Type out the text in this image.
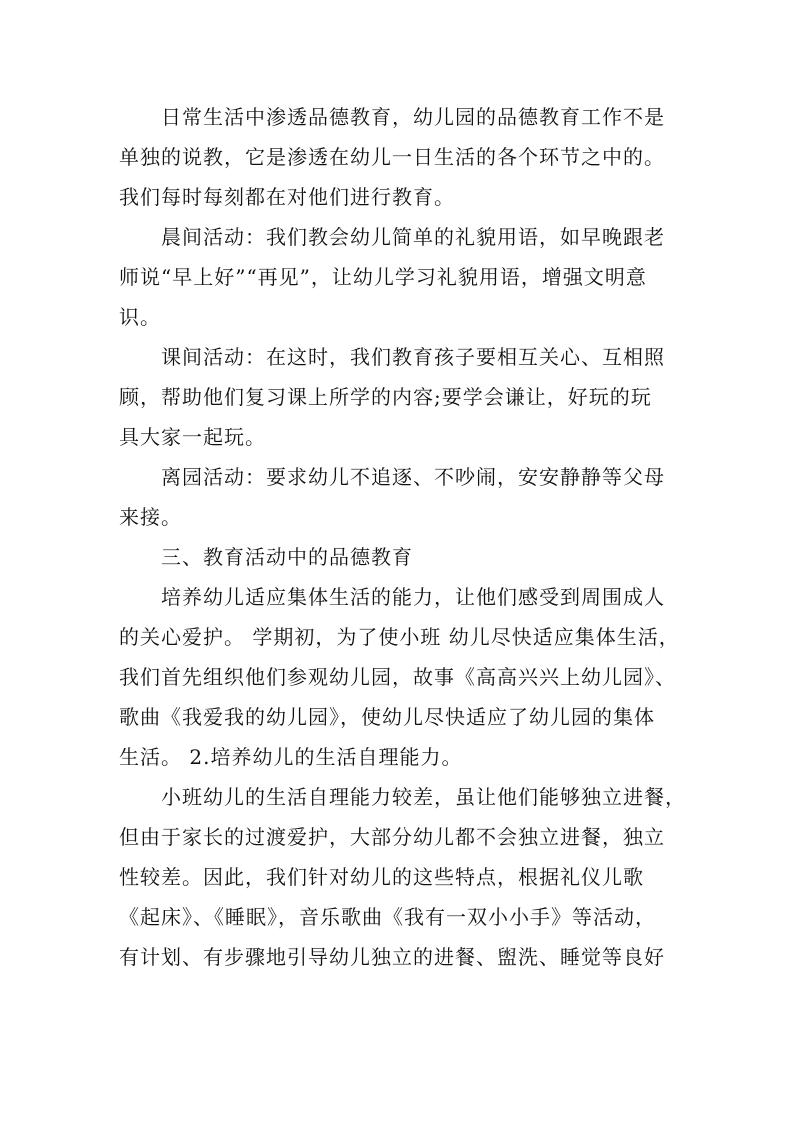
日常生活中渗透品德教育，幼儿园的品德教育工作不是
单独的说教，它是渗透在幼儿一日生活的各个环节之中的。
我们每时每刻都在对他们进行教育。
晨间活动：我们教会幼儿简单的礼貌用语，如早晚跟老
师说“早上好”“再见”，让幼儿学习礼貌用语，增强文明意
识。
课间活动：在这时，我们教育孩子要相互关心、互相照
顾，帮助他们复习课上所学的内容;要学会谦让，好玩的玩
具大家一起玩。
离园活动：要求幼儿不追逐、不吵闹，安安静静等父母
来接。
三、教育活动中的品德教育
培养幼儿适应集体生活的能力，让他们感受到周围成人
的关心爱护。 学期初，为了使小班 幼儿尽快适应集体生活，
我们首先组织他们参观幼儿园，故事《高高兴兴上幼儿园》、
歌曲《我爱我的幼儿园》，使幼儿尽快适应了幼儿园的集体
生活。 2.培养幼儿的生活自理能力。
小班幼儿的生活自理能力较差，虽让他们能够独立进餐，
但由于家长的过渡爱护，大部分幼儿都不会独立进餐，独立
性较差。因此，我们针对幼儿的这些特点，根据礼仪儿歌
《起床》、《睡眠》，音乐歌曲《我有一双小小手》等活动，
有计划、有步骤地引导幼儿独立的进餐、盥洗、睡觉等良好
